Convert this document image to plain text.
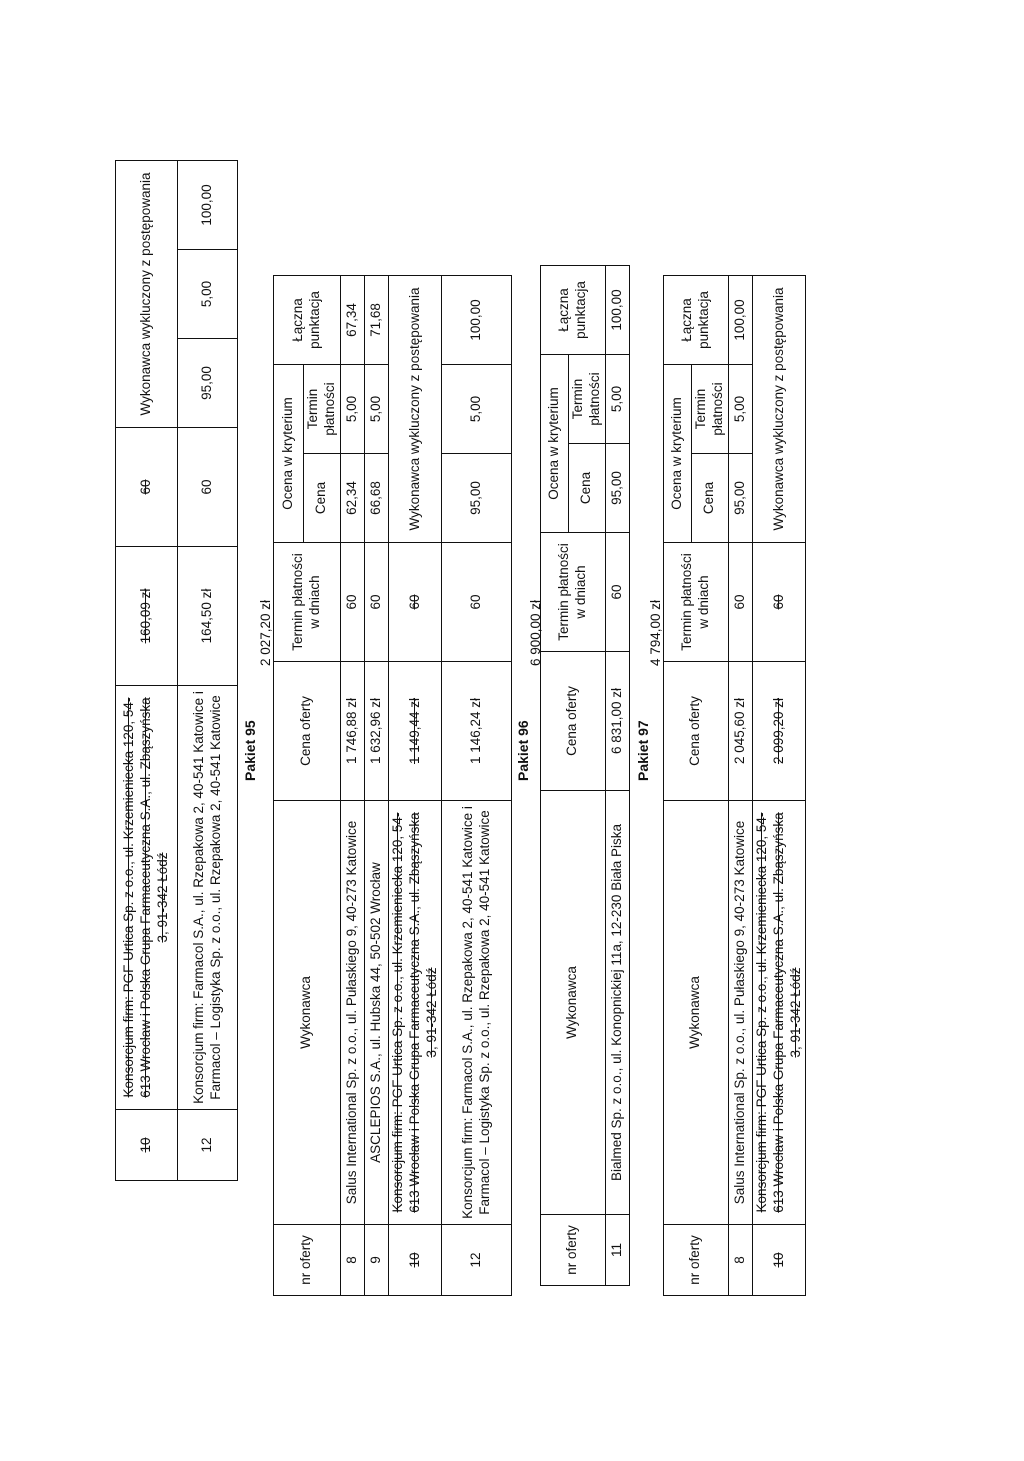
10	Konsorcjum firm: PGF Urtica Sp. z o.o., ul. Krzemieniecka 120, 54-613 Wrocław i Polska Grupa Farmaceutyczna S.A., ul. Zbąszyńska 3, 91-342 Łódź	160,09 zł	60	Wykonawca wykluczony z postępowania		
12	Konsorcjum firm: Farmacol S.A., ul. Rzepakowa 2, 40-541 Katowice i Farmacol – Logistyka Sp. z o.o., ul. Rzepakowa 2, 40-541 Katowice	164,50 zł	60	95,00	5,00	100,00
Pakiet 95
2 027,20 zł
nr oferty	Wykonawca	Cena oferty	Termin płatności w dniach	Ocena w kryterium		Łączna punktacja
				Cena	Termin płatności	
8	Salus International Sp. z o.o., ul. Pułaskiego 9, 40-273 Katowice	1 746,88 zł	60	62,34	5,00	67,34
9	ASCLEPIOS S.A., ul. Hubska 44, 50-502 Wrocław	1 632,96 zł	60	66,68	5,00	71,68
10	Konsorcjum firm: PGF Urtica Sp. z o.o., ul. Krzemieniecka 120, 54-613 Wrocław i Polska Grupa Farmaceutyczna S.A., ul. Zbąszyńska 3, 91-342 Łódź	1 149,44 zł	60	Wykonawca wykluczony z postępowania		
12	Konsorcjum firm: Farmacol S.A., ul. Rzepakowa 2, 40-541 Katowice i Farmacol – Logistyka Sp. z o.o., ul. Rzepakowa 2, 40-541 Katowice	1 146,24 zł	60	95,00	5,00	100,00
Pakiet 96
6 900,00 zł
nr oferty	Wykonawca	Cena oferty	Termin płatności w dniach	Ocena w kryterium		Łączna punktacja
				Cena	Termin płatności	
11	Bialmed Sp. z o.o., ul. Konopnickiej 11a, 12-230 Biała Piska	6 831,00 zł	60	95,00	5,00	100,00
Pakiet 97
4 794,00 zł
nr oferty	Wykonawca	Cena oferty	Termin płatności w dniach	Ocena w kryterium		Łączna punktacja
				Cena	Termin płatności	
8	Salus International Sp. z o.o., ul. Pułaskiego 9, 40-273 Katowice	2 045,60 zł	60	95,00	5,00	100,00
10	Konsorcjum firm: PGF Urtica Sp. z o.o., ul. Krzemieniecka 120, 54-613 Wrocław i Polska Grupa Farmaceutyczna S.A., ul. Zbąszyńska 3, 91-342 Łódź	2 099,20 zł	60	Wykonawca wykluczony z postępowania		
